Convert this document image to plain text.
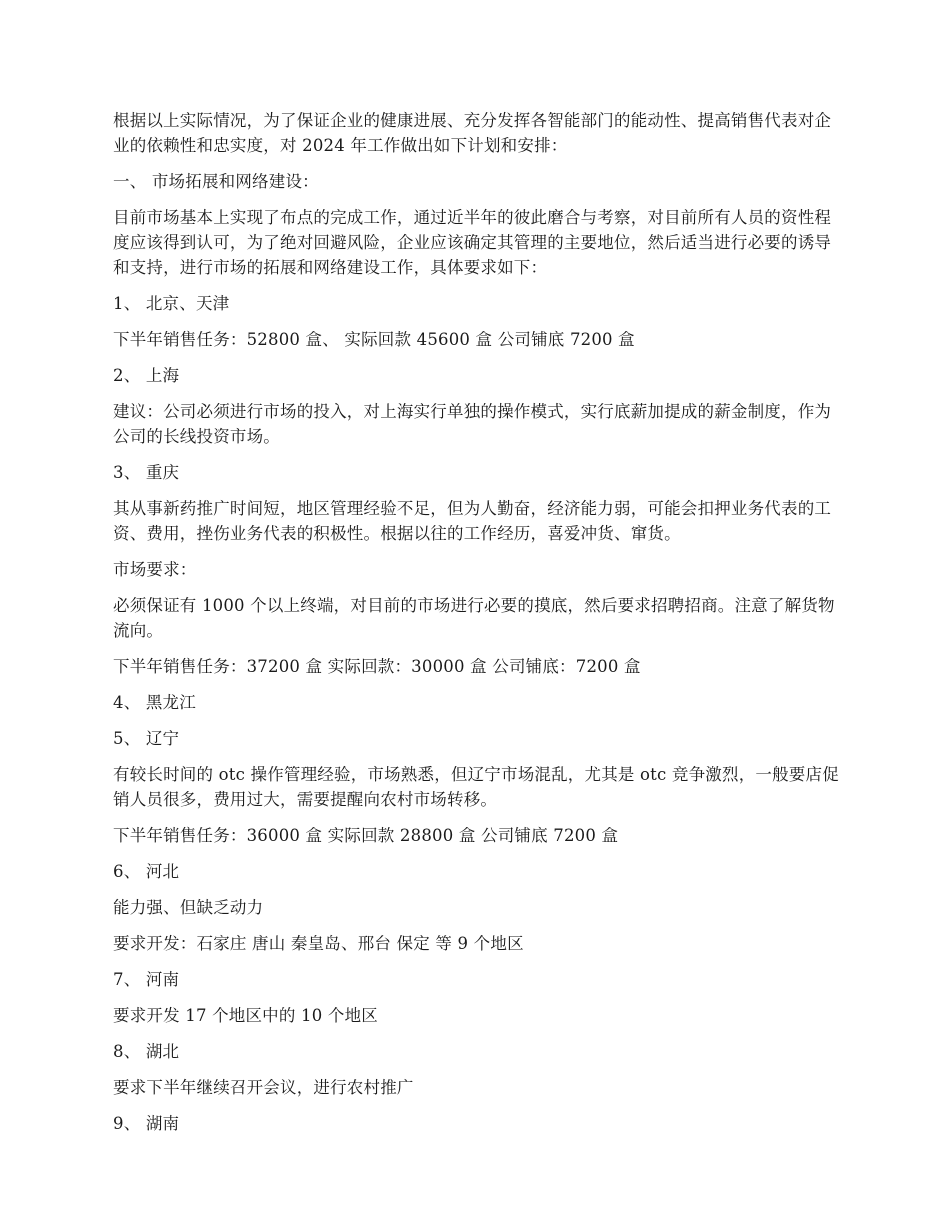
根据以上实际情况，为了保证企业的健康进展、充分发挥各智能部门的能动性、提高销售代表对企业的依赖性和忠实度，对 2024 年工作做出如下计划和安排：

一、 市场拓展和网络建设：

目前市场基本上实现了布点的完成工作，通过近半年的彼此磨合与考察，对目前所有人员的资性程度应该得到认可，为了绝对回避风险，企业应该确定其管理的主要地位，然后适当进行必要的诱导和支持，进行市场的拓展和网络建设工作，具体要求如下：

1、 北京、天津

下半年销售任务：52800 盒、 实际回款 45600 盒 公司铺底 7200 盒

2、 上海

建议：公司必须进行市场的投入，对上海实行单独的操作模式，实行底薪加提成的薪金制度，作为公司的长线投资市场。

3、 重庆

其从事新药推广时间短，地区管理经验不足，但为人勤奋，经济能力弱，可能会扣押业务代表的工资、费用，挫伤业务代表的积极性。根据以往的工作经历，喜爱冲货、窜货。

市场要求：

必须保证有 1000 个以上终端，对目前的市场进行必要的摸底，然后要求招聘招商。注意了解货物流向。

下半年销售任务：37200 盒 实际回款：30000 盒 公司铺底：7200 盒

4、 黑龙江

5、 辽宁

有较长时间的 otc 操作管理经验，市场熟悉，但辽宁市场混乱，尤其是 otc 竞争激烈，一般要店促销人员很多，费用过大，需要提醒向农村市场转移。

下半年销售任务：36000 盒 实际回款 28800 盒 公司铺底 7200 盒

6、 河北

能力强、但缺乏动力

要求开发：石家庄 唐山 秦皇岛、邢台 保定 等 9 个地区

7、 河南

要求开发 17 个地区中的 10 个地区

8、 湖北

要求下半年继续召开会议，进行农村推广

9、 湖南
